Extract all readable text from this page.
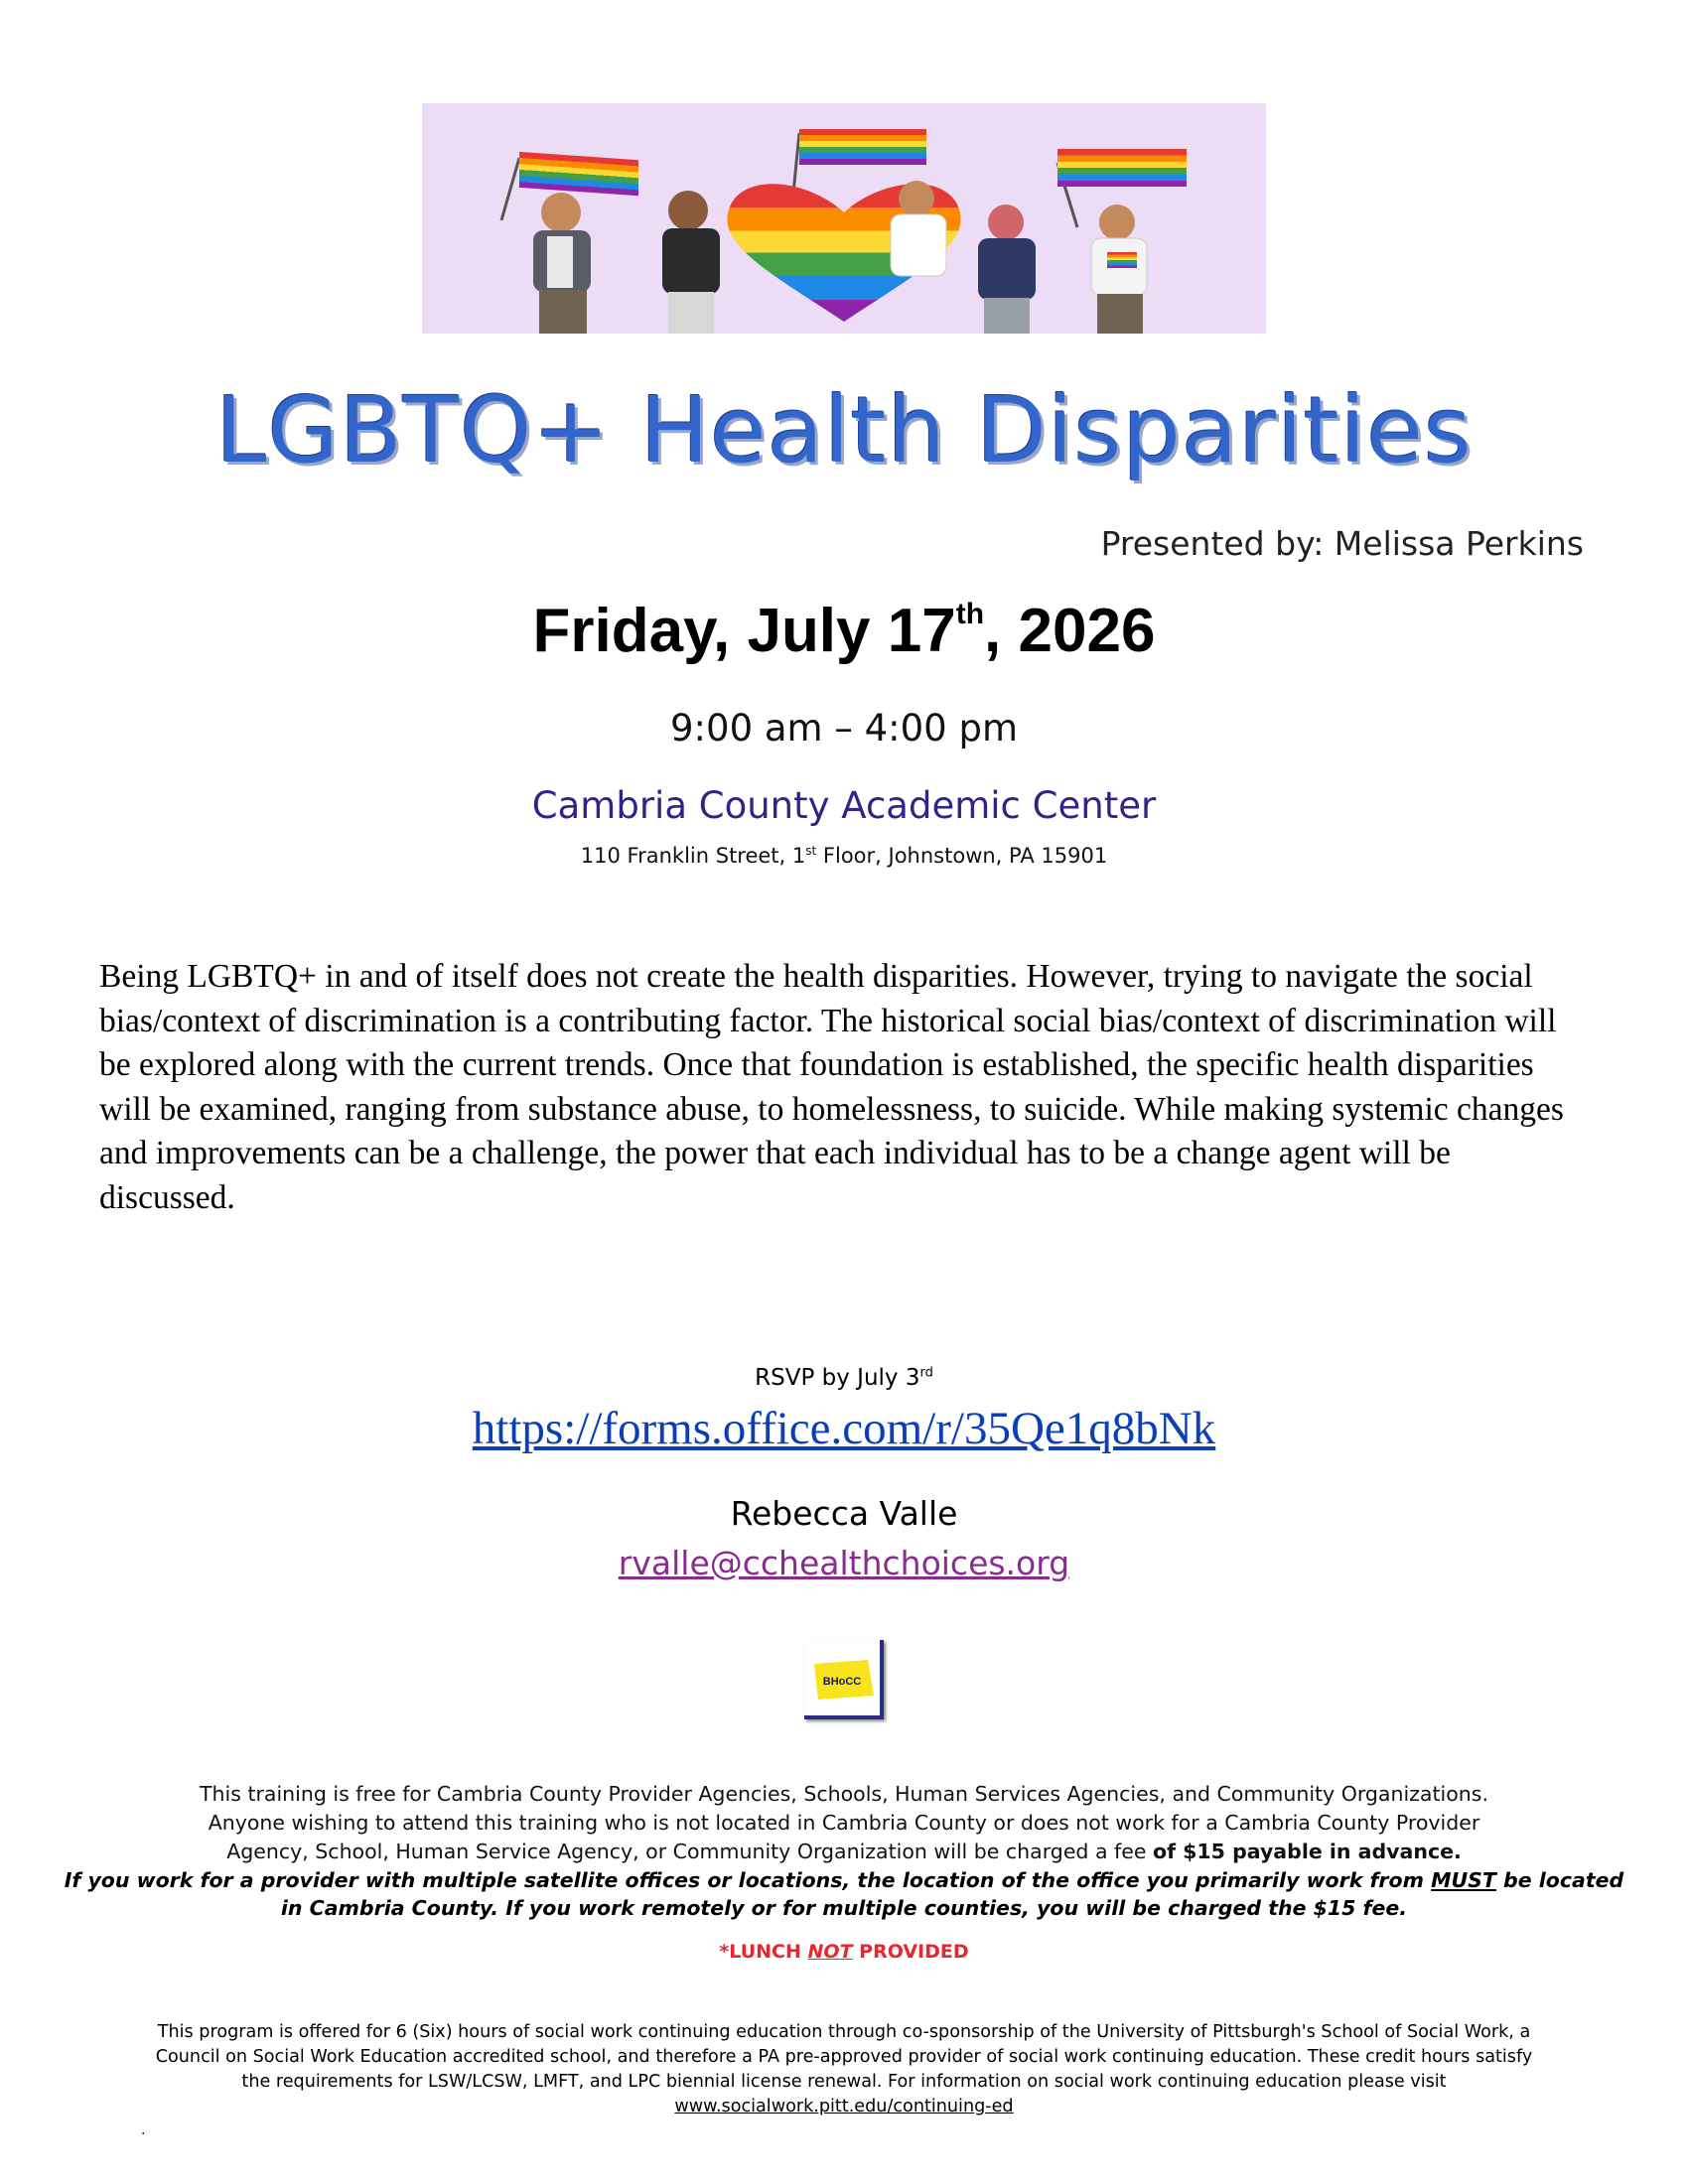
LGBTQ+ Health Disparities
Presented by: Melissa Perkins
Friday, July 17th, 2026
9:00 am – 4:00 pm
Cambria County Academic Center
110 Franklin Street, 1st Floor, Johnstown, PA 15901
Being LGBTQ+ in and of itself does not create the health disparities. However, trying to navigate the social bias/context of discrimination is a contributing factor. The historical social bias/context of discrimination will be explored along with the current trends. Once that foundation is established, the specific health disparities will be examined, ranging from substance abuse, to homelessness, to suicide. While making systemic changes and improvements can be a challenge, the power that each individual has to be a change agent will be discussed.
RSVP by July 3rd
https://forms.office.com/r/35Qe1q8bNk
Rebecca Valle
rvalle@cchealthchoices.org
BHoCC
This training is free for Cambria County Provider Agencies, Schools, Human Services Agencies, and Community Organizations.
Anyone wishing to attend this training who is not located in Cambria County or does not work for a Cambria County Provider
Agency, School, Human Service Agency, or Community Organization will be charged a fee of $15 payable in advance.
If you work for a provider with multiple satellite offices or locations, the location of the office you primarily work from MUST be located
in Cambria County. If you work remotely or for multiple counties, you will be charged the $15 fee.
*LUNCH NOT PROVIDED
This program is offered for 6 (Six) hours of social work continuing education through co-sponsorship of the University of Pittsburgh's School of Social Work, a
Council on Social Work Education accredited school, and therefore a PA pre-approved provider of social work continuing education. These credit hours satisfy
the requirements for LSW/LCSW, LMFT, and LPC biennial license renewal. For information on social work continuing education please visit
www.socialwork.pitt.edu/continuing-ed
.
